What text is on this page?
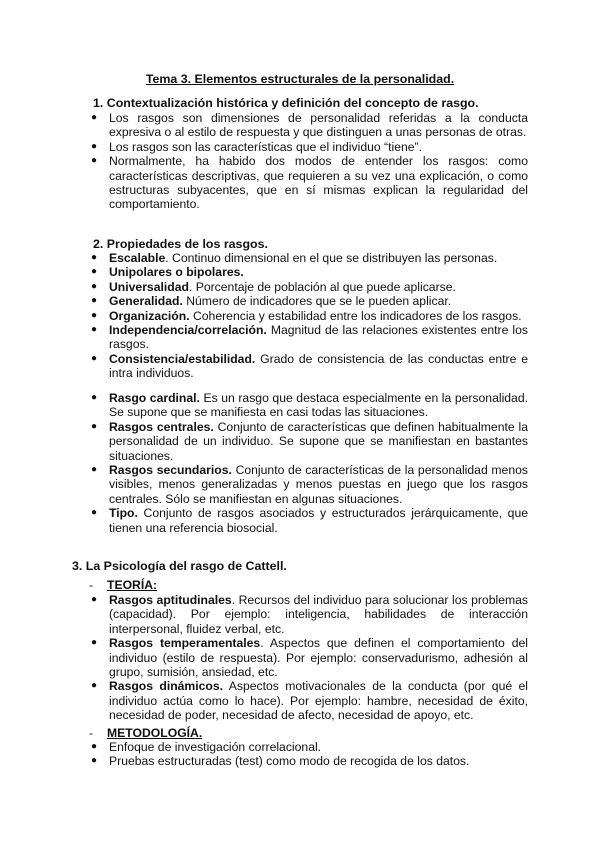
Tema 3. Elementos estructurales de la personalidad.
1. Contextualización histórica y definición del concepto de rasgo.
● Los rasgos son dimensiones de personalidad referidas a la conducta expresiva o al estilo de respuesta y que distinguen a unas personas de otras.
● Los rasgos son las características que el individuo “tiene”.
● Normalmente, ha habido dos modos de entender los rasgos: como características descriptivas, que requieren a su vez una explicación, o como estructuras subyacentes, que en sí mismas explican la regularidad del comportamiento.
2. Propiedades de los rasgos.
● Escalable. Continuo dimensional en el que se distribuyen las personas.
● Unipolares o bipolares.
● Universalidad. Porcentaje de población al que puede aplicarse.
● Generalidad. Número de indicadores que se le pueden aplicar.
● Organización. Coherencia y estabilidad entre los indicadores de los rasgos.
● Independencia/correlación. Magnitud de las relaciones existentes entre los rasgos.
● Consistencia/estabilidad. Grado de consistencia de las conductas entre e intra individuos.
● Rasgo cardinal. Es un rasgo que destaca especialmente en la personalidad. Se supone que se manifiesta en casi todas las situaciones.
● Rasgos centrales. Conjunto de características que definen habitualmente la personalidad de un individuo. Se supone que se manifiestan en bastantes situaciones.
● Rasgos secundarios. Conjunto de características de la personalidad menos visibles, menos generalizadas y menos puestas en juego que los rasgos centrales. Sólo se manifiestan en algunas situaciones.
● Tipo. Conjunto de rasgos asociados y estructurados jerárquicamente, que tienen una referencia biosocial.
3. La Psicología del rasgo de Cattell.
- TEORÍA:
● Rasgos aptitudinales. Recursos del individuo para solucionar los problemas (capacidad). Por ejemplo: inteligencia, habilidades de interacción interpersonal, fluidez verbal, etc.
● Rasgos temperamentales. Aspectos que definen el comportamiento del individuo (estilo de respuesta). Por ejemplo: conservadurismo, adhesión al grupo, sumisión, ansiedad, etc.
● Rasgos dinámicos. Aspectos motivacionales de la conducta (por qué el individuo actúa como lo hace). Por ejemplo: hambre, necesidad de éxito, necesidad de poder, necesidad de afecto, necesidad de apoyo, etc.
- METODOLOGÍA.
● Enfoque de investigación correlacional.
● Pruebas estructuradas (test) como modo de recogida de los datos.
